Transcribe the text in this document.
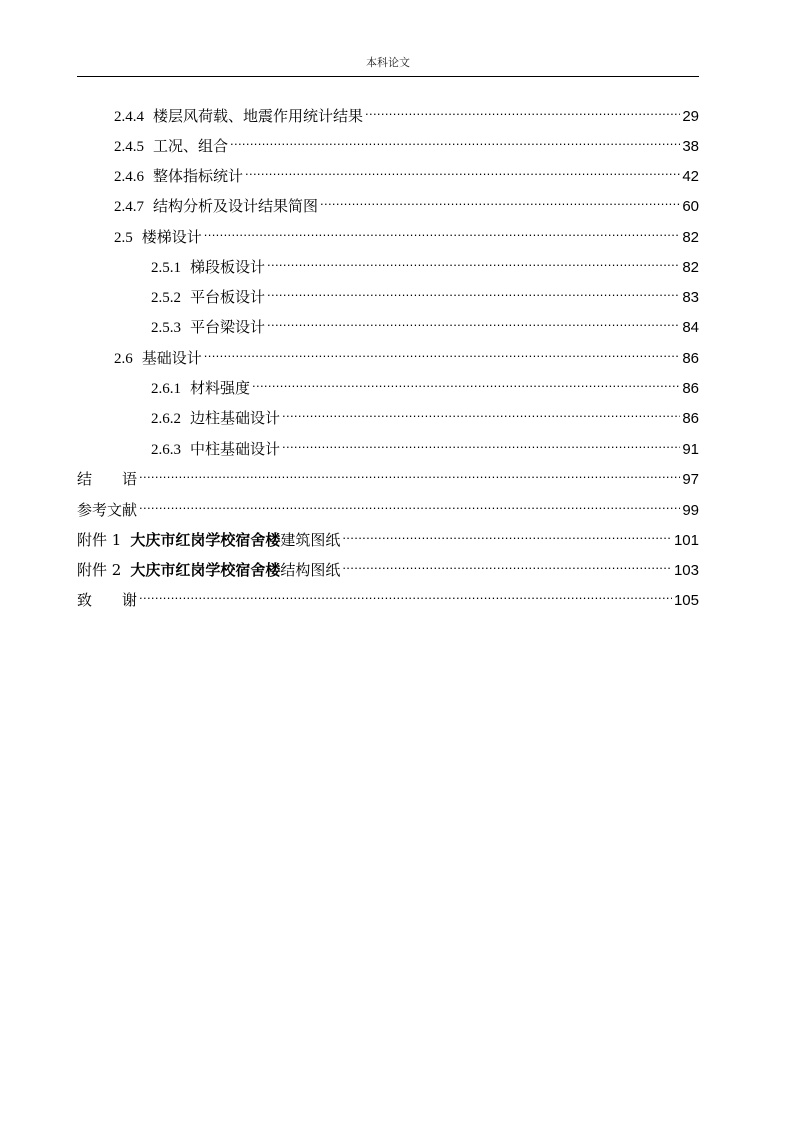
本科论文
2.4.4 楼层风荷载、地震作用统计结果 .....	29
2.4.5 工况、组合 .....	38
2.4.6 整体指标统计 .....	42
2.4.7 结构分析及设计结果简图 .....	60
2.5 楼梯设计 .....	82
2.5.1 梯段板设计 .....	82
2.5.2 平台板设计 .....	83
2.5.3 平台梁设计 .....	84
2.6 基础设计 .....	86
2.6.1 材料强度 .....	86
2.6.2 边柱基础设计 .....	86
2.6.3 中柱基础设计 .....	91
结　　语 .....	97
参考文献 .....	99
附件 1 大庆市红岗学校宿舍楼建筑图纸 .....	101
附件 2 大庆市红岗学校宿舍楼结构图纸 .....	103
致　　谢 .....	105
